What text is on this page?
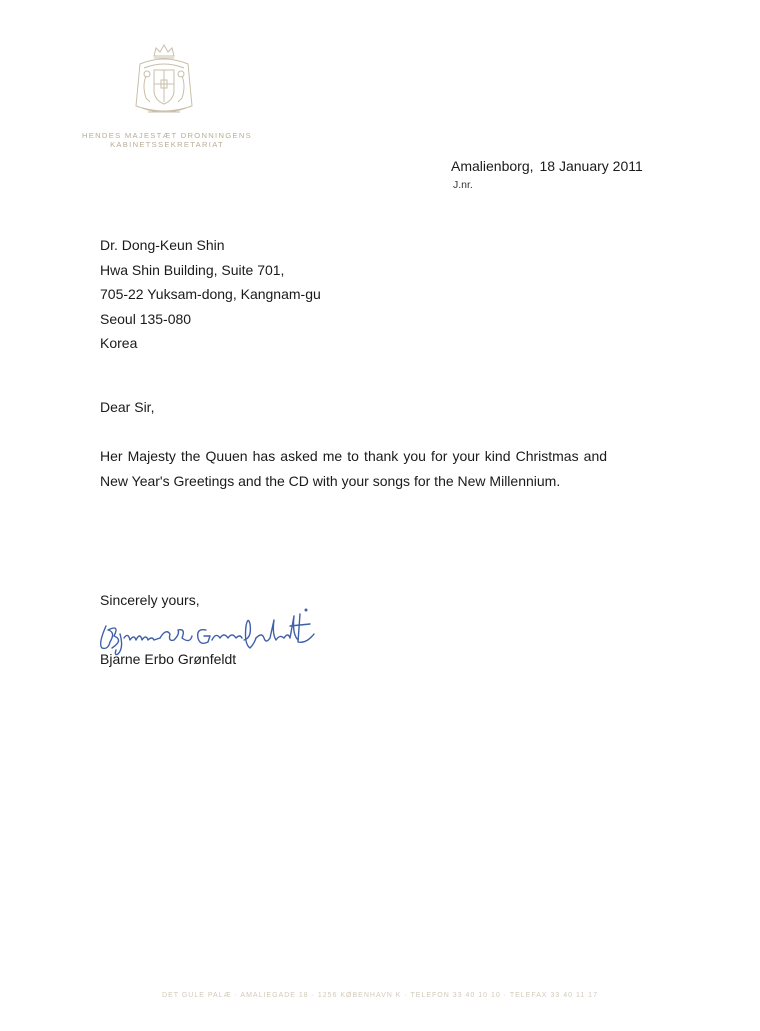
HENDES MAJESTÆT DRONNINGENS
KABINETSSEKRETARIAT
Amalienborg, 18 January 2011
J.nr.
Dr. Dong-Keun Shin
Hwa Shin Building, Suite 701,
705-22 Yuksam-dong, Kangnam-gu
Seoul 135-080
Korea
Dear Sir,
Her Majesty the Quuen has asked me to thank you for your kind Christmas and
New Year's Greetings and the CD with your songs for the New Millennium.
Sincerely yours,
Bjarne Erbo Grønfeldt
DET GULE PALÆ · AMALIEGADE 18 · 1256 KØBENHAVN K · TELEFON 33 40 10 10 · TELEFAX 33 40 11 17
